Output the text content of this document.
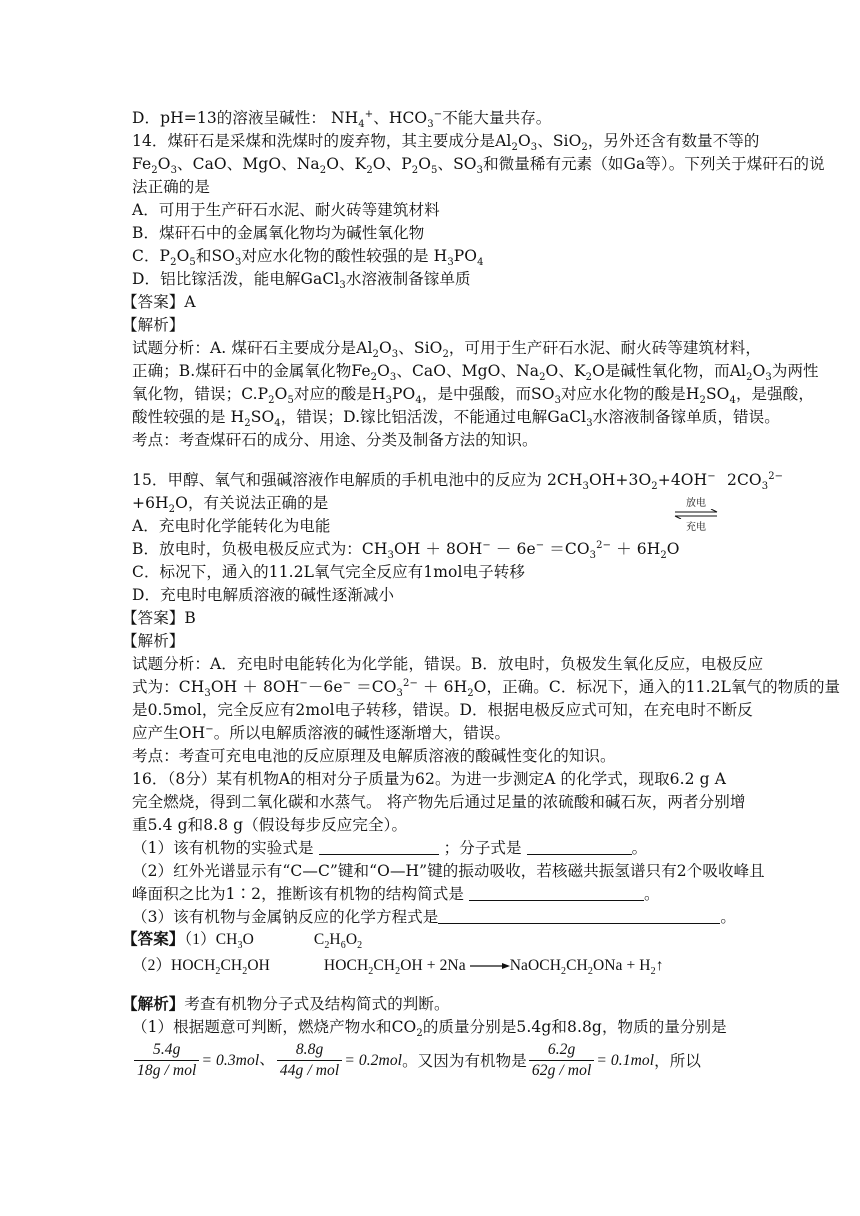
D．pH=13的溶液呈碱性： $NH_4^+$、$HCO_3^-$不能大量共存。
14．煤矸石是采煤和洗煤时的废弃物，其主要成分是$Al_2O_3$、SiO$_2$，另外还含有数量不等的
$Fe_2O_3$、CaO、MgO、$Na_2O$、$K_2O$、$P_2O_5$、$SO_3$和微量稀有元素（如Ga等）。下列关于煤矸石的说
法正确的是
A．可用于生产矸石水泥、耐火砖等建筑材料
B．煤矸石中的金属氧化物均为碱性氧化物
C．$P_2O_5$和$SO_3$对应水化物的酸性较强的是 $H_3PO_4$
D．铝比镓活泼，能电解GaCl$_3$水溶液制备镓单质
【答案】A
【解析】
试题分析：A. 煤矸石主要成分是$Al_2O_3$、SiO$_2$，可用于生产矸石水泥、耐火砖等建筑材料，
正确；B.煤矸石中的金属氧化物$Fe_2O_3$、CaO、MgO、$Na_2O$、$K_2O$是碱性氧化物，而$Al_2O_3$为两性
氧化物，错误；$C.P_2O_5$对应的酸是$H_3PO_4$，是中强酸，而$SO_3$对应水化物的酸是$H_2SO_4$，是强酸，
酸性较强的是 $H_2SO_4$，错误；D.镓比铝活泼，不能通过电解GaCl$_3$水溶液制备镓单质，错误。
考点：考查煤矸石的成分、用途、分类及制备方法的知识。
15．甲醇、氧气和强碱溶液作电解质的手机电池中的反应为 $2CH_3OH+3O_2+4OH^-$
放电
充电
$2CO_3^{2-}$
$+6H_2O$，有关说法正确的是
A．充电时化学能转化为电能
B．放电时，负极电极反应式为：$CH_3OH + 8OH^- - 6e^- =CO_3^{2-} + 6H_2O$
C．标况下，通入的11.2L氧气完全反应有1mol电子转移
D．充电时电解质溶液的碱性逐渐减小
【答案】B
【解析】
试题分析：A．充电时电能转化为化学能，错误。B．放电时，负极发生氧化反应，电极反应
式为：$CH_3OH + 8OH^--6e^- =CO_3^{2-} + 6H_2O$，正确。C．标况下，通入的11.2L氧气的物质的量
是0.5mol，完全反应有2mol电子转移，错误。D．根据电极反应式可知，在充电时不断反
应产生OH−。所以电解质溶液的碱性逐渐增大，错误。
考点：考查可充电电池的反应原理及电解质溶液的酸碱性变化的知识。
16．（8分）某有机物A的相对分子质量为62。为进一步测定A 的化学式，现取6.2 g A
完全燃烧，得到二氧化碳和水蒸气。 将产物先后通过足量的浓硫酸和碱石灰，两者分别增
重5.4 g和8.8 g（假设每步反应完全）。
（1）该有机物的实验式是	；分子式是	。
（2）红外光谱显示有“C—C”键和“O—H”键的振动吸收，若核磁共振氢谱只有2个吸收峰且
峰面积之比为1∶2，推断该有机物的结构简式是	。
（3）该有机物与金属钠反应的化学方程式是	。
【答案】$(1)CH_3O$	$C_2H_6O_2$
$(2)HOCH_2CH_2OH$	$HOCH_2CH_2OH + 2Na$ $\to NaOCH_2CH_2ONa$ + $H_2↑$
【解析】考查有机物分子式及结构简式的判断。
（1）根据题意可判断，燃烧产物水和$CO_2$的质量分别是5.4g和8.8g，物质的量分别是
$\frac{5.4g}{\text{18g / mol}} = 0.3mol$、 $\frac{8.8g}{\text{44g / mol}} = 0.2mol$。又因为有机物是 $\frac{6.2g}{\text{62g / mol}} = 0.1mol$，所以
